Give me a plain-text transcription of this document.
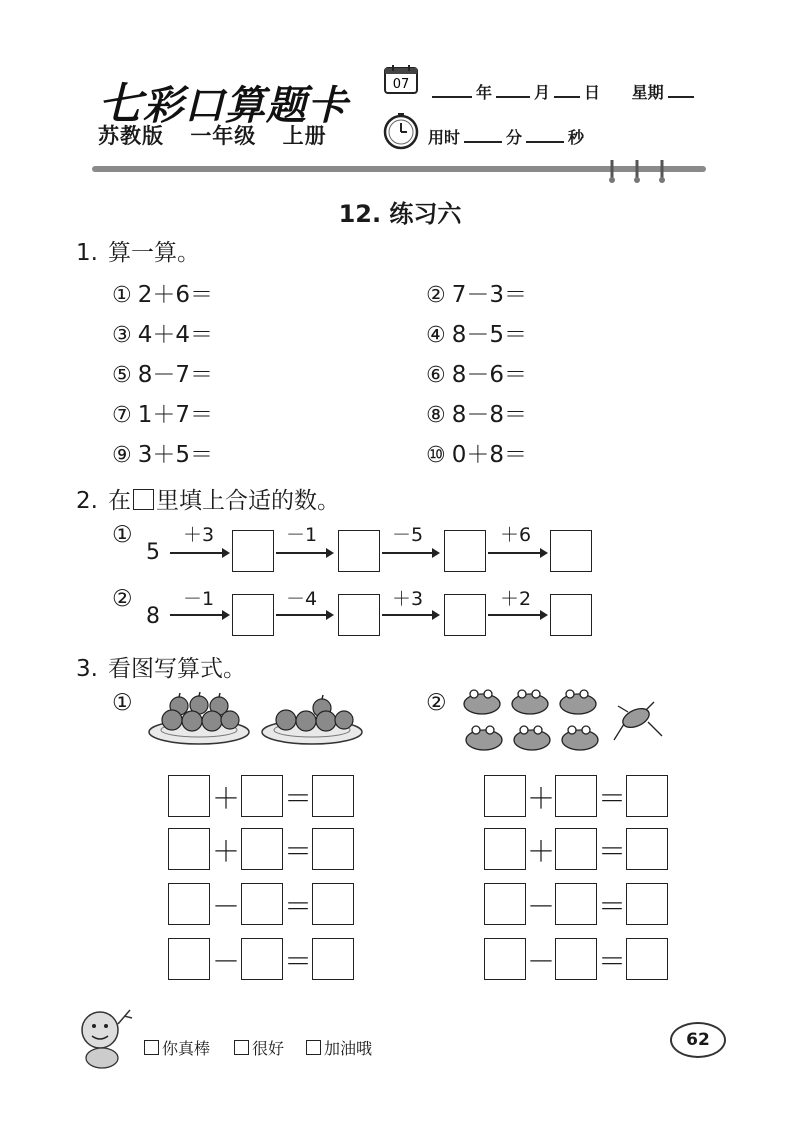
七彩口算题卡
苏教版 一年级 上册
07	年	月 日 星期
用时	分	秒
12. 练习六
1. 算一算。
① 2＋6＝	② 7－3＝
③ 4＋4＝	④ 8－5＝
⑤ 8－7＝	⑥ 8－6＝
⑦ 1＋7＝	⑧ 8－8＝
⑨ 3＋5＝	⑩ 0＋8＝
2. 在 里填上合适的数。
①
5
＋3	－1	－5	＋6
②
8
－1	－4	＋3	＋2
3. 看图写算式。
①	②
＋ ＝
＋ ＝
－ ＝
－ ＝
＋ ＝
＋ ＝
－ ＝
－ ＝
你真棒	很好	加油哦	62
